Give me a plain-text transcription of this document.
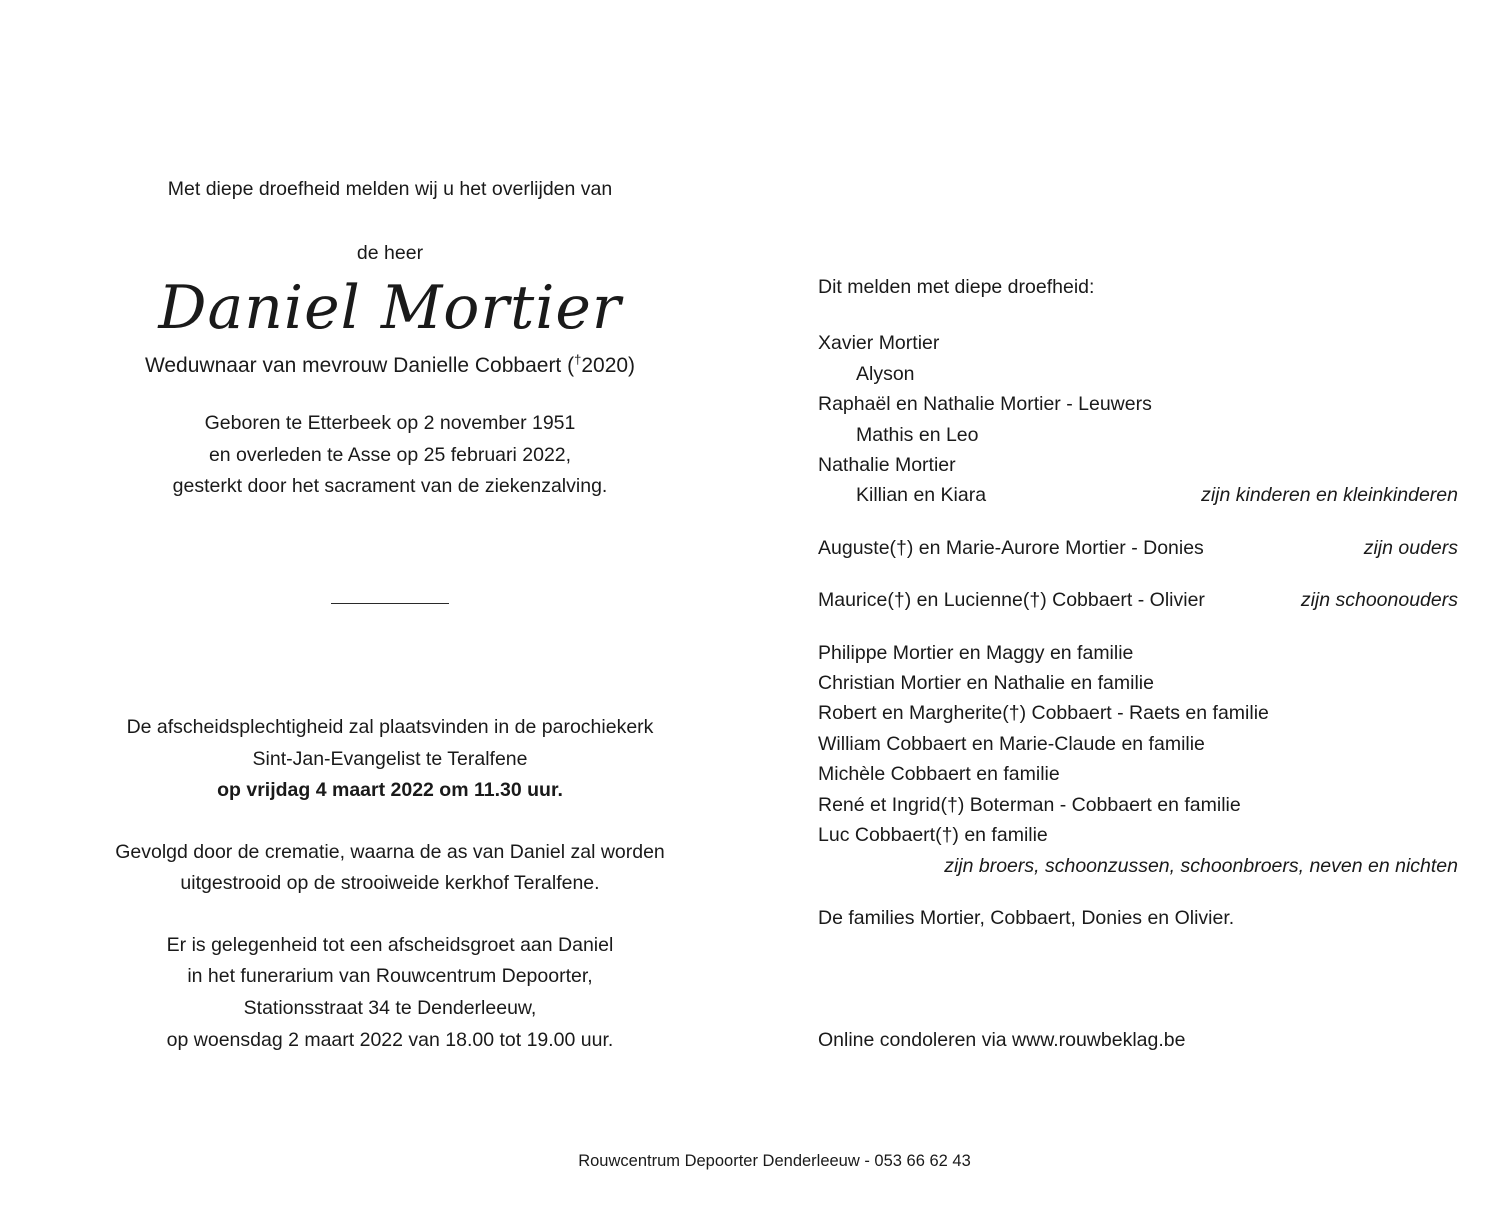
Met diepe droefheid melden wij u het overlijden van

de heer

Daniel Mortier

Weduwnaar van mevrouw Danielle Cobbaert (†2020)

Geboren te Etterbeek op 2 november 1951
en overleden te Asse op 25 februari 2022,
gesterkt door het sacrament van de ziekenzalving.

De afscheidsplechtigheid zal plaatsvinden in de parochiekerk
Sint-Jan-Evangelist te Teralfene
op vrijdag 4 maart 2022 om 11.30 uur.

Gevolgd door de crematie, waarna de as van Daniel zal worden
uitgestrooid op de strooiweide kerkhof Teralfene.

Er is gelegenheid tot een afscheidsgroet aan Daniel
in het funerarium van Rouwcentrum Depoorter,
Stationsstraat 34 te Denderleeuw,
op woensdag 2 maart 2022 van 18.00 tot 19.00 uur.

Dit melden met diepe droefheid:

Xavier Mortier
Alyson
Raphaël en Nathalie Mortier - Leuwers
Mathis en Leo
Nathalie Mortier
Killian en Kiara	zijn kinderen en kleinkinderen
Auguste(†) en Marie-Aurore Mortier - Donies	zijn ouders
Maurice(†) en Lucienne(†) Cobbaert - Olivier	zijn schoonouders
Philippe Mortier en Maggy en familie
Christian Mortier en Nathalie en familie
Robert en Margherite(†) Cobbaert - Raets en familie
William Cobbaert en Marie-Claude en familie
Michèle Cobbaert en familie
René et Ingrid(†) Boterman - Cobbaert en familie
Luc Cobbaert(†) en familie
zijn broers, schoonzussen, schoonbroers, neven en nichten

De families Mortier, Cobbaert, Donies en Olivier.

Online condoleren via www.rouwbeklag.be

Rouwcentrum Depoorter Denderleeuw - 053 66 62 43
